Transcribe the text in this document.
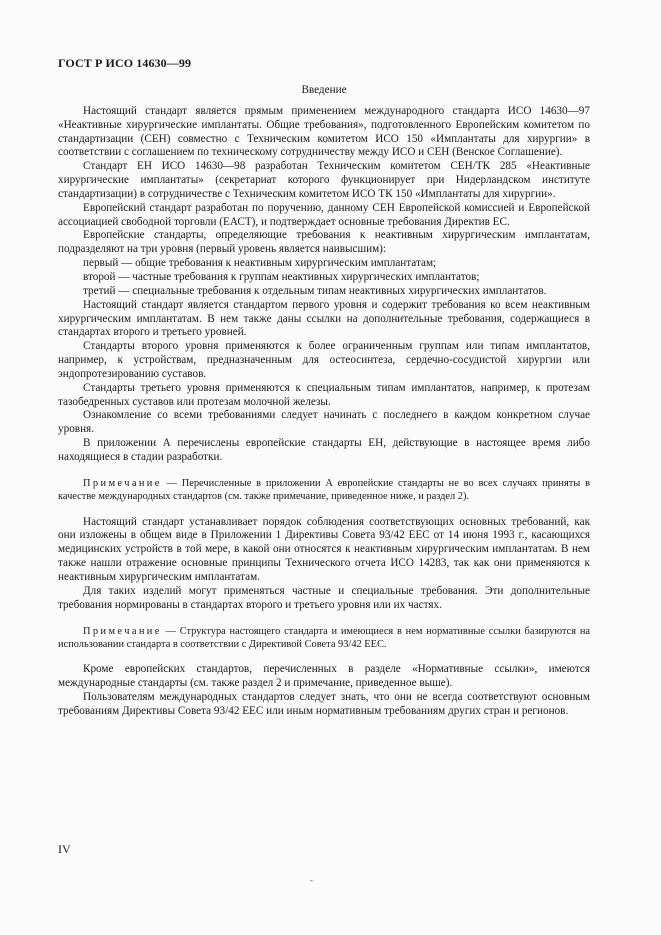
ГОСТ Р ИСО 14630—99
Введение

Настоящий стандарт является прямым применением международного стандарта ИСО 14630—97 «Неактивные хирургические имплантаты. Общие требования», подготовленного Европейским комитетом по стандартизации (СЕН) совместно с Техническим комитетом ИСО 150 «Имплантаты для хирургии» в соответствии с соглашением по техническому сотрудничеству между ИСО и СЕН (Венское Соглашение).

Стандарт ЕН ИСО 14630—98 разработан Техническим комитетом СЕН/ТК 285 «Неактивные хирургические имплантаты» (секретариат которого функционирует при Нидерландском институте стандартизации) в сотрудничестве с Техническим комитетом ИСО ТК 150 «Имплантаты для хирургии».

Европейский стандарт разработан по поручению, данному СЕН Европейской комиссией и Европейской ассоциацией свободной торговли (ЕАСТ), и подтверждает основные требования Директив ЕС.

Европейские стандарты, определяющие требования к неактивным хирургическим имплантатам, подразделяют на три уровня (первый уровень является наивысшим):

первый — общие требования к неактивным хирургическим имплантатам;

второй — частные требования к группам неактивных хирургических имплантатов;

третий — специальные требования к отдельным типам неактивных хирургических имплантатов.

Настоящий стандарт является стандартом первого уровня и содержит требования ко всем неактивным хирургическим имплантатам. В нем также даны ссылки на дополнительные требования, содержащиеся в стандартах второго и третьего уровней.

Стандарты второго уровня применяются к более ограниченным группам или типам имплантатов, например, к устройствам, предназначенным для остеосинтеза, сердечно-сосудистой хирургии или эндопротезированию суставов.

Стандарты третьего уровня применяются к специальным типам имплантатов, например, к протезам тазобедренных суставов или протезам молочной железы.

Ознакомление со всеми требованиями следует начинать с последнего в каждом конкретном случае уровня.

В приложении А перечислены европейские стандарты ЕН, действующие в настоящее время либо находящиеся в стадии разработки.

Примечание — Перечисленные в приложении А европейские стандарты не во всех случаях приняты в качестве международных стандартов (см. также примечание, приведенное ниже, и раздел 2).

Настоящий стандарт устанавливает порядок соблюдения соответствующих основных требований, как они изложены в общем виде в Приложении 1 Директивы Совета 93/42 ЕЕС от 14 июня 1993 г., касающихся медицинских устройств в той мере, в какой они относятся к неактивным хирургическим имплантатам. В нем также нашли отражение основные принципы Технического отчета ИСО 14283, так как они применяются к неактивным хирургическим имплантатам.

Для таких изделий могут применяться частные и специальные требования. Эти дополнительные требования нормированы в стандартах второго и третьего уровня или их частях.

Примечание — Структура настоящего стандарта и имеющиеся в нем нормативные ссылки базируются на использовании стандарта в соответствии с Директивой Совета 93/42 ЕЕС.

Кроме европейских стандартов, перечисленных в разделе «Нормативные ссылки», имеются международные стандарты (см. также раздел 2 и примечание, приведенное выше).

Пользователям международных стандартов следует знать, что они не всегда соответствуют основным требованиям Директивы Совета 93/42 ЕЕС или иным нормативным требованиям других стран и регионов.

IV
-
